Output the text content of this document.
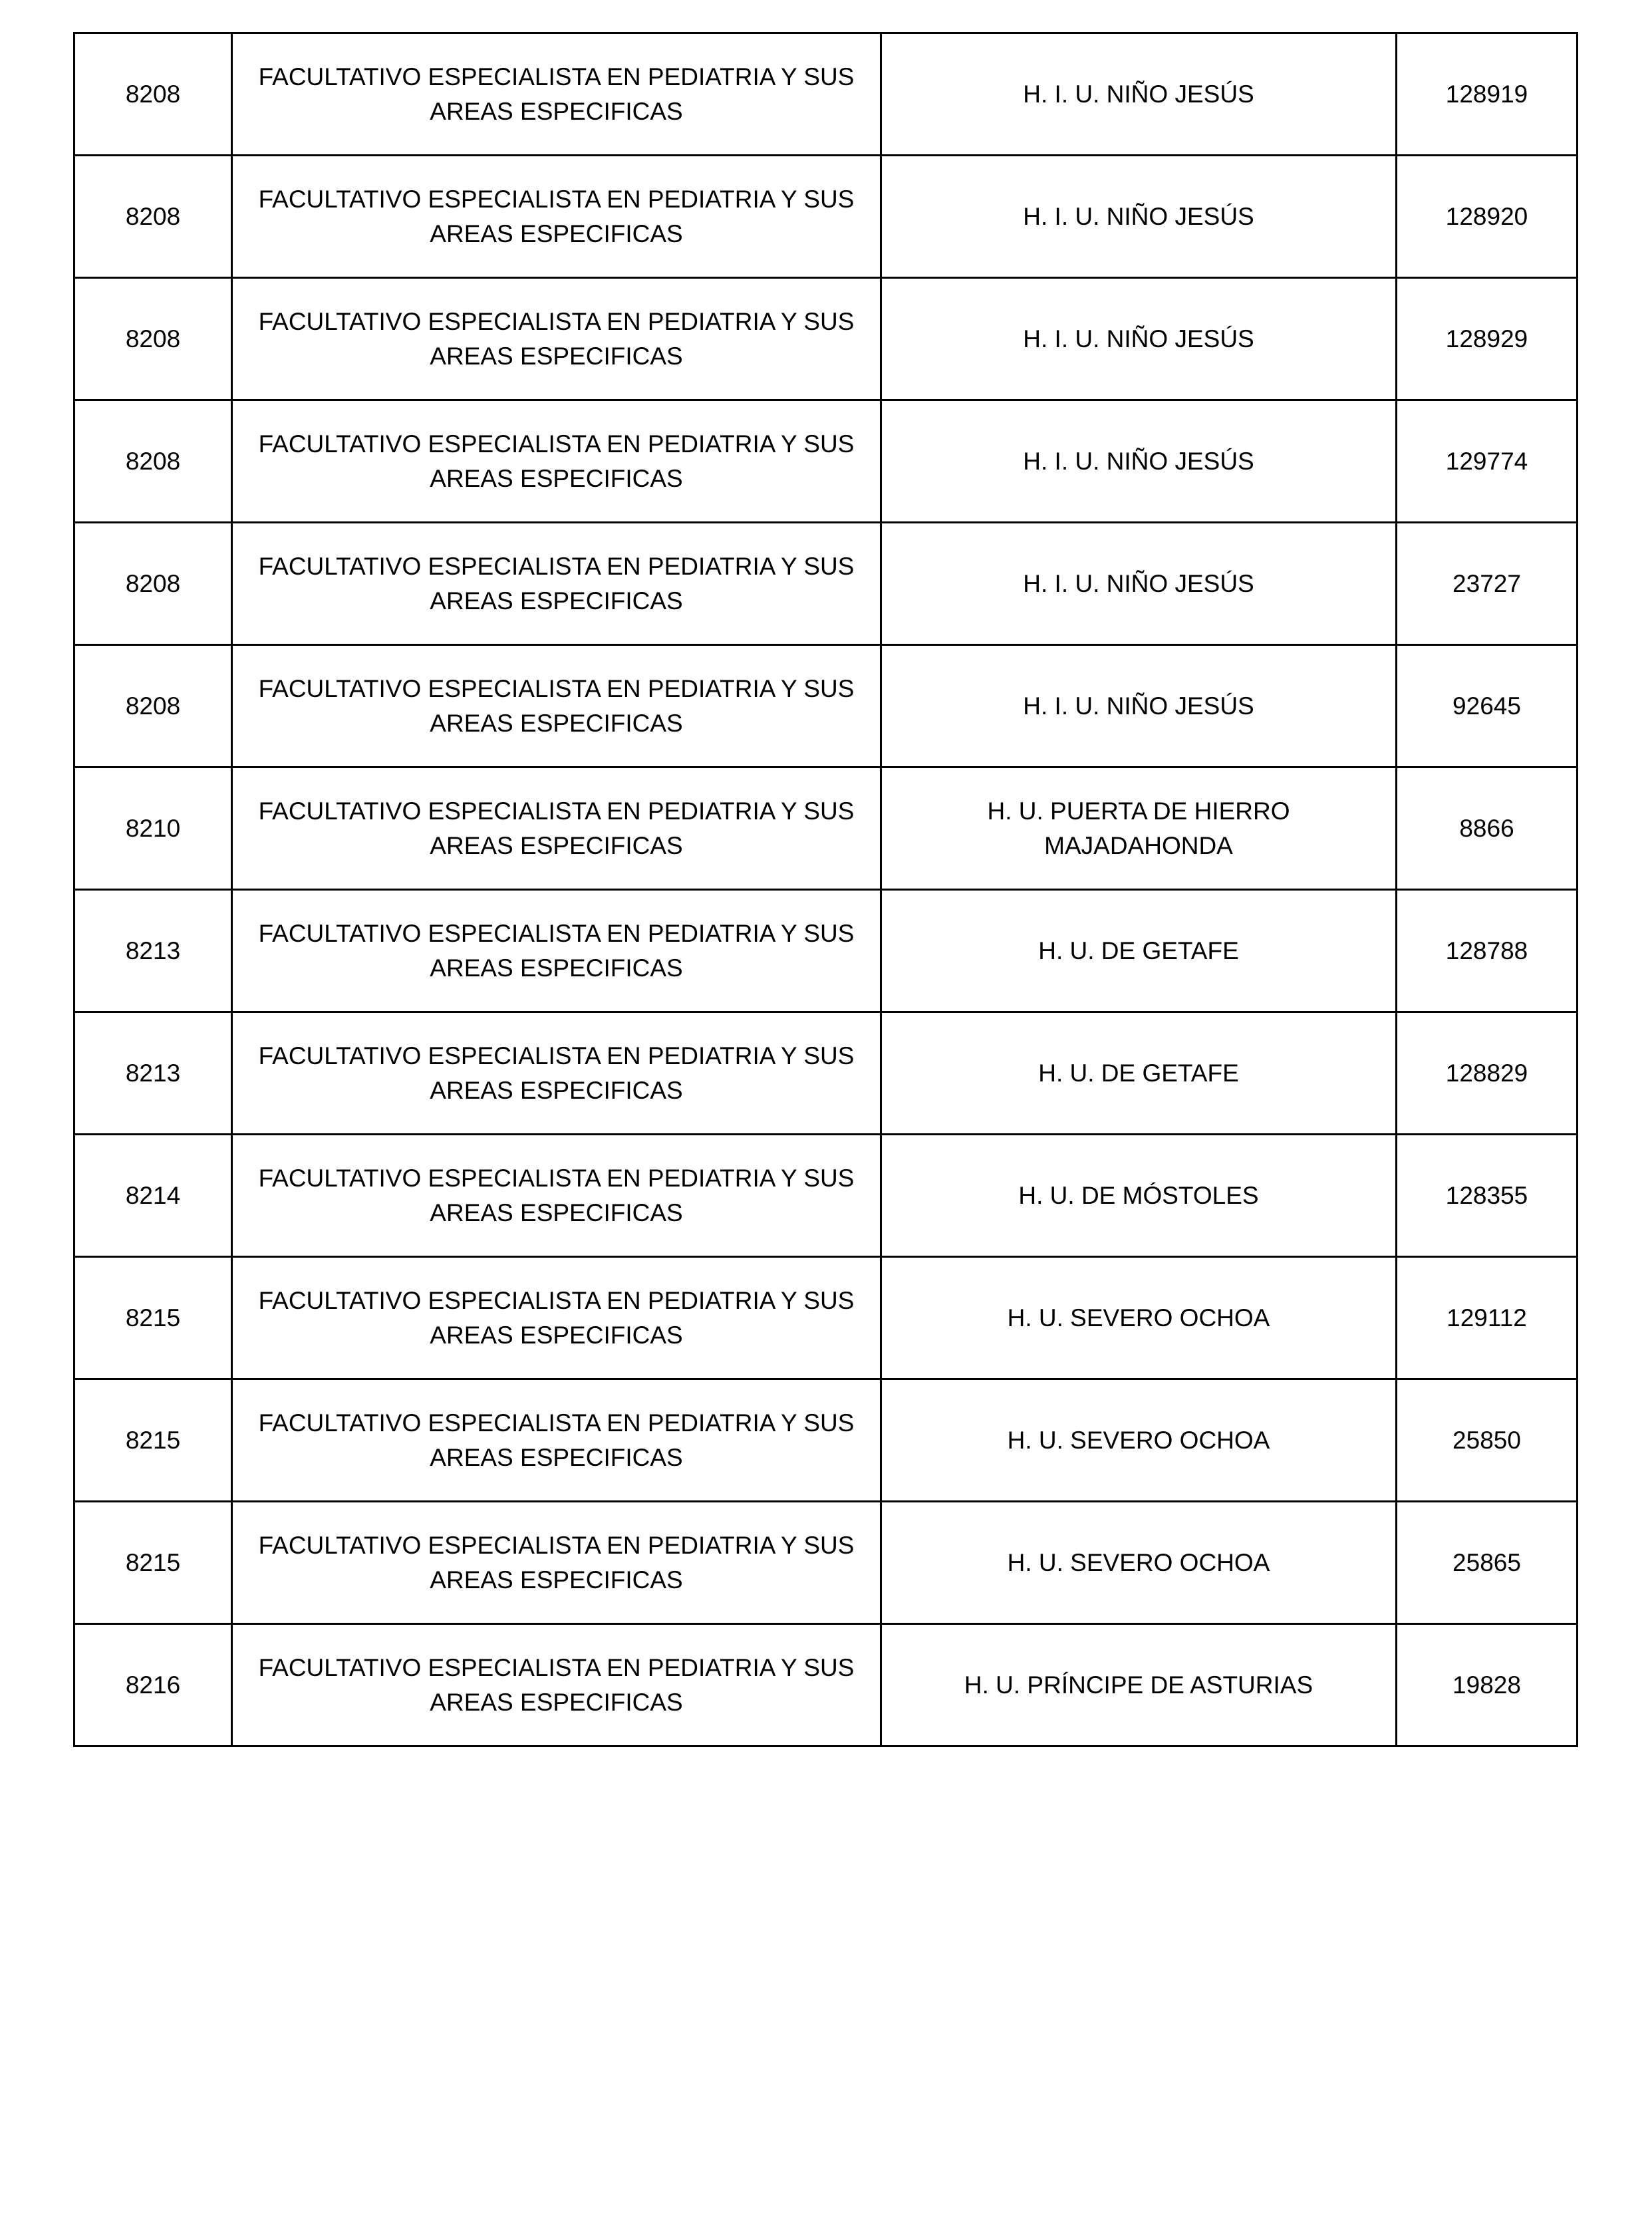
8208	FACULTATIVO ESPECIALISTA EN PEDIATRIA Y SUS
AREAS ESPECIFICAS	H. I. U. NIÑO JESÚS	128919
8208	FACULTATIVO ESPECIALISTA EN PEDIATRIA Y SUS
AREAS ESPECIFICAS	H. I. U. NIÑO JESÚS	128920
8208	FACULTATIVO ESPECIALISTA EN PEDIATRIA Y SUS
AREAS ESPECIFICAS	H. I. U. NIÑO JESÚS	128929
8208	FACULTATIVO ESPECIALISTA EN PEDIATRIA Y SUS
AREAS ESPECIFICAS	H. I. U. NIÑO JESÚS	129774
8208	FACULTATIVO ESPECIALISTA EN PEDIATRIA Y SUS
AREAS ESPECIFICAS	H. I. U. NIÑO JESÚS	23727
8208	FACULTATIVO ESPECIALISTA EN PEDIATRIA Y SUS
AREAS ESPECIFICAS	H. I. U. NIÑO JESÚS	92645
8210	FACULTATIVO ESPECIALISTA EN PEDIATRIA Y SUS
AREAS ESPECIFICAS	H. U. PUERTA DE HIERRO MAJADAHONDA	8866
8213	FACULTATIVO ESPECIALISTA EN PEDIATRIA Y SUS
AREAS ESPECIFICAS	H. U. DE GETAFE	128788
8213	FACULTATIVO ESPECIALISTA EN PEDIATRIA Y SUS
AREAS ESPECIFICAS	H. U. DE GETAFE	128829
8214	FACULTATIVO ESPECIALISTA EN PEDIATRIA Y SUS
AREAS ESPECIFICAS	H. U. DE MÓSTOLES	128355
8215	FACULTATIVO ESPECIALISTA EN PEDIATRIA Y SUS
AREAS ESPECIFICAS	H. U. SEVERO OCHOA	129112
8215	FACULTATIVO ESPECIALISTA EN PEDIATRIA Y SUS
AREAS ESPECIFICAS	H. U. SEVERO OCHOA	25850
8215	FACULTATIVO ESPECIALISTA EN PEDIATRIA Y SUS
AREAS ESPECIFICAS	H. U. SEVERO OCHOA	25865
8216	FACULTATIVO ESPECIALISTA EN PEDIATRIA Y SUS
AREAS ESPECIFICAS	H. U. PRÍNCIPE DE ASTURIAS	19828
